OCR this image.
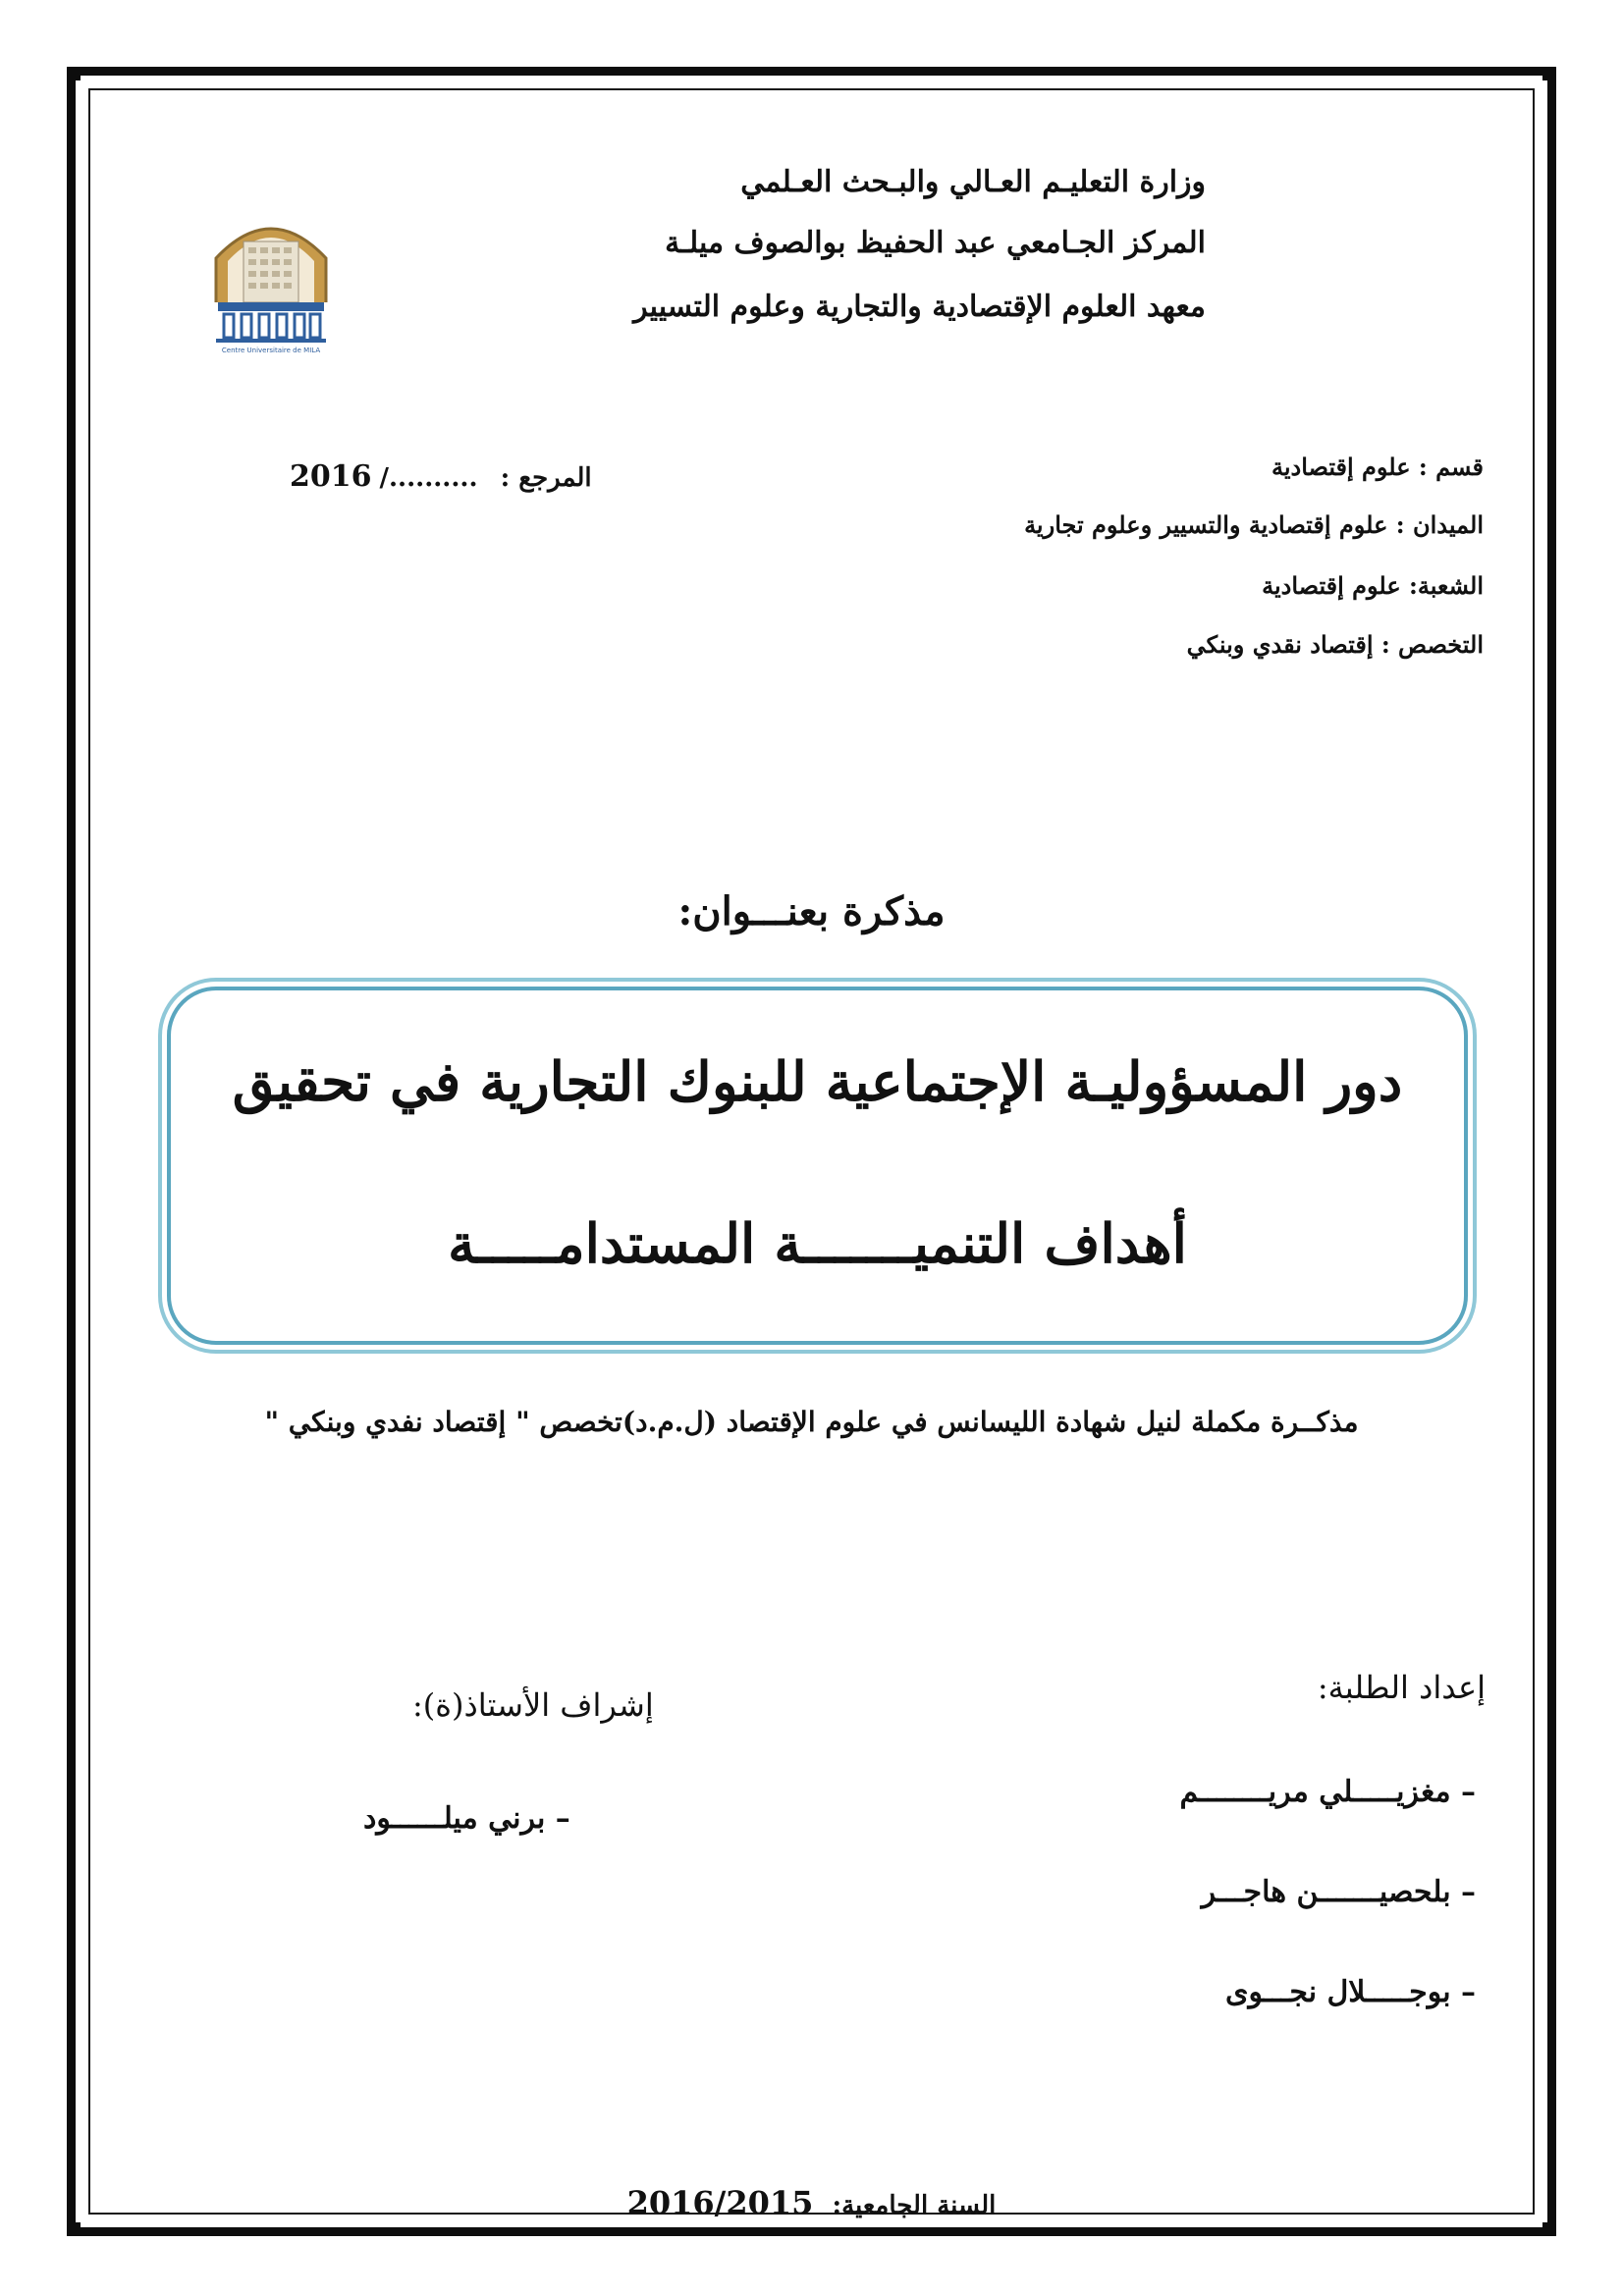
وزارة التعليـم العـالي والبـحث العـلمي
المركز الجـامعي عبد الحفيظ بوالصوف ميلـة
معهد العلوم الإقتصادية والتجارية وعلوم التسيير
Centre Universitaire de MILA
المرجع : ........../2016	قسم : علوم إقتصادية
الميدان : علوم إقتصادية والتسيير وعلوم تجارية
الشعبة: علوم إقتصادية
التخصص : إقتصاد نقدي وبنكي
مذكرة بعنـــوان:
دور المسؤوليـة الإجتماعية للبنوك التجارية في تحقيق
أهداف التنميـــــــة المستدامـــــة
مذكــرة مكملة لنيل شهادة الليسانس في علوم الإقتصاد (ل.م.د)تخصص " إقتصاد نفدي وبنكي "
إعداد الطلبة:
– مغزيـــــلي مريــــــــم
– بلحصيـــــــن هاجـــر
– بوجـــــلال نجـــوى
إشراف الأستاذ(ة):
– برني ميلــــــود
السنة الجامعية: 2016/2015
